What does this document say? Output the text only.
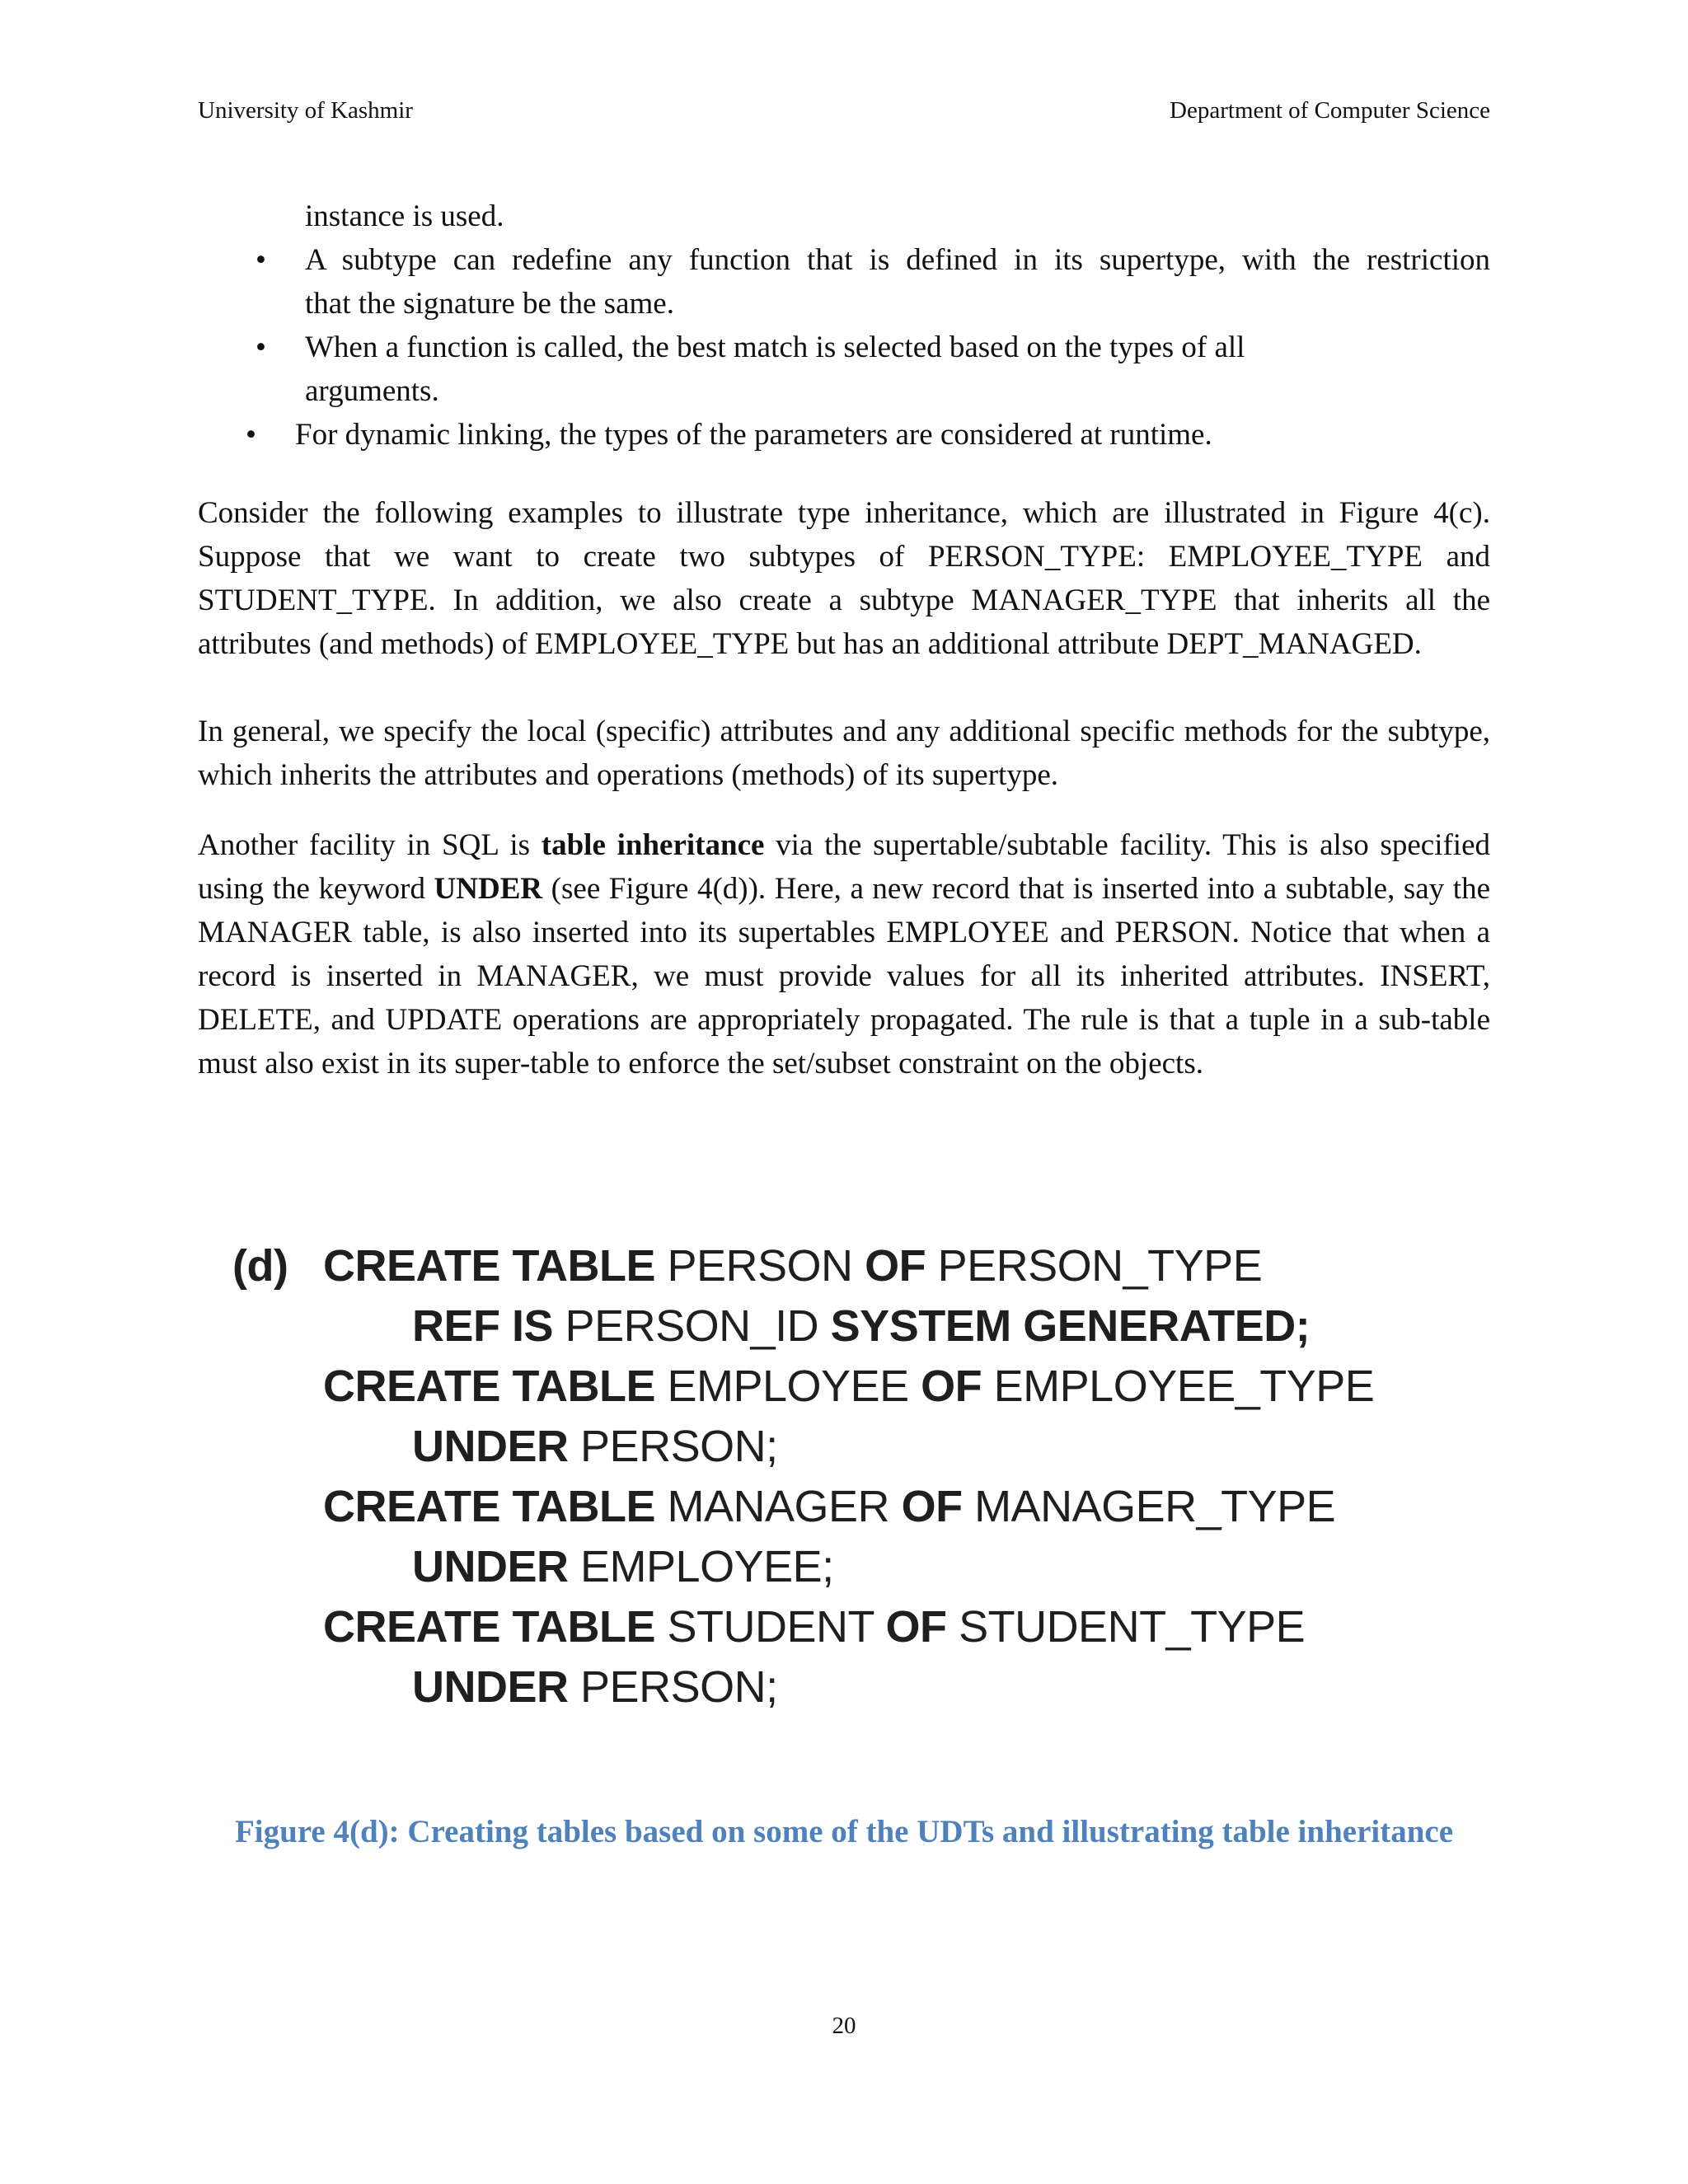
University of Kashmir	Department of Computer Science
instance is used.
• A subtype can redefine any function that is defined in its supertype, with the restriction
that the signature be the same.
• When a function is called, the best match is selected based on the types of all
arguments.
• For dynamic linking, the types of the parameters are considered at runtime.
Consider the following examples to illustrate type inheritance, which are illustrated in Figure 4(c). Suppose that we want to create two subtypes of PERSON_TYPE: EMPLOYEE_TYPE and STUDENT_TYPE. In addition, we also create a subtype MANAGER_TYPE that inherits all the attributes (and methods) of EMPLOYEE_TYPE but has an additional attribute DEPT_MANAGED.
In general, we specify the local (specific) attributes and any additional specific methods for the subtype, which inherits the attributes and operations (methods) of its supertype.
Another facility in SQL is table inheritance via the supertable/subtable facility. This is also specified using the keyword UNDER (see Figure 4(d)). Here, a new record that is inserted into a subtable, say the MANAGER table, is also inserted into its supertables EMPLOYEE and PERSON. Notice that when a record is inserted in MANAGER, we must provide values for all its inherited attributes. INSERT, DELETE, and UPDATE operations are appropriately propagated. The rule is that a tuple in a sub-table must also exist in its super-table to enforce the set/subset constraint on the objects.
(d) CREATE TABLE PERSON OF PERSON_TYPE
REF IS PERSON_ID SYSTEM GENERATED;
CREATE TABLE EMPLOYEE OF EMPLOYEE_TYPE
UNDER PERSON;
CREATE TABLE MANAGER OF MANAGER_TYPE
UNDER EMPLOYEE;
CREATE TABLE STUDENT OF STUDENT_TYPE
UNDER PERSON;
Figure 4(d): Creating tables based on some of the UDTs and illustrating table inheritance
20
